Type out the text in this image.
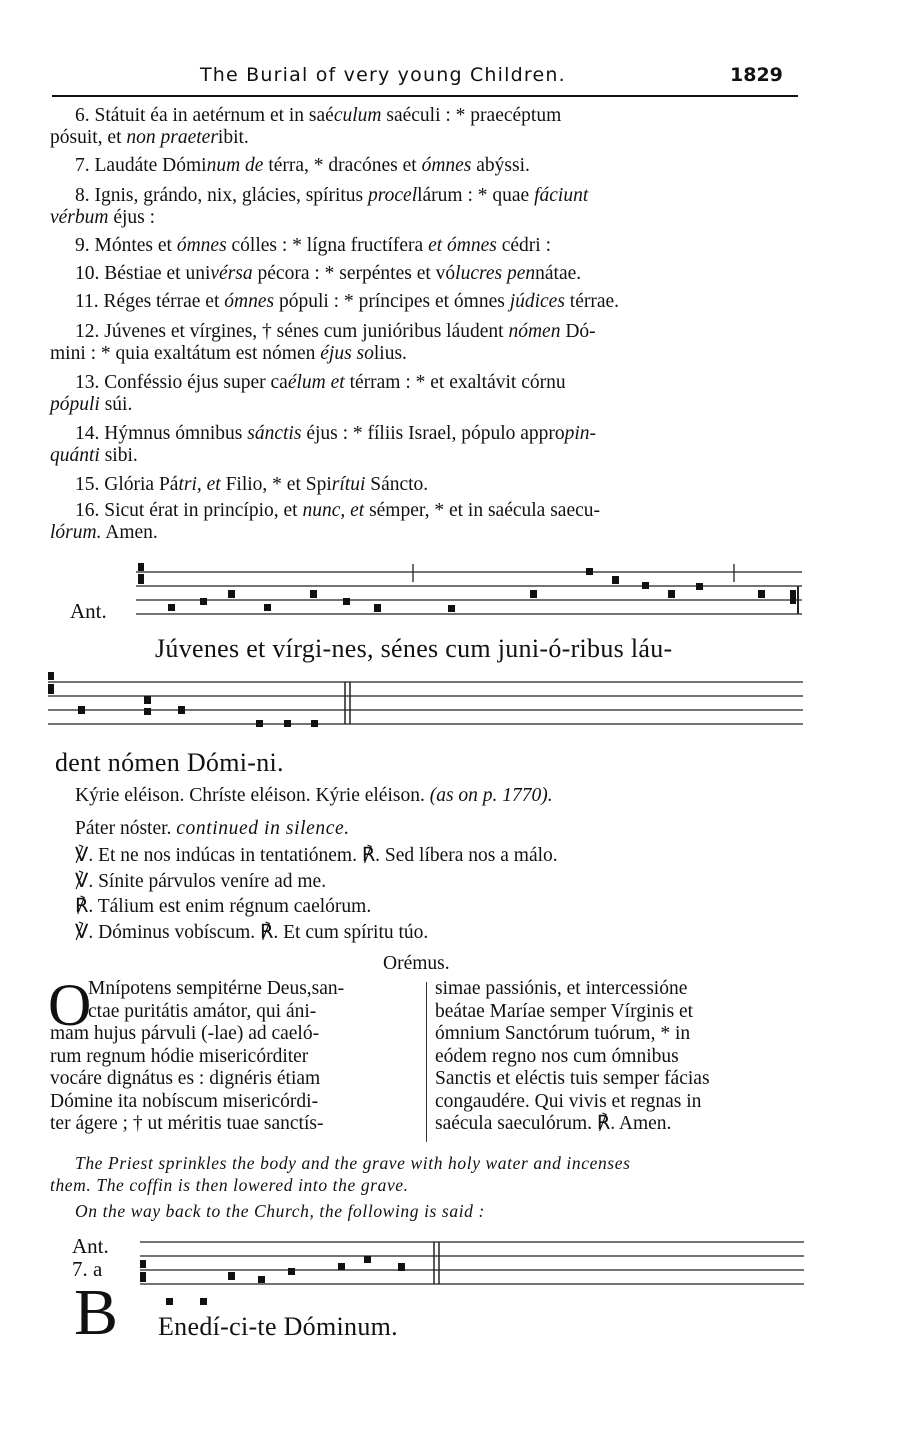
The Burial of very young Children.	1829
6. Státuit éa in aetérnum et in saéculum saéculi : * praecéptum
pósuit, et non praeteribit.
7. Laudáte Dóminum de térra, * dracónes et ómnes abýssi.
8. Ignis, grándo, nix, glácies, spíritus procellárum : * quae fáciunt
vérbum éjus :
9. Móntes et ómnes cólles : * lígna fructífera et ómnes cédri :
10. Béstiae et univérsa pécora : * serpéntes et vólucres pennátae.
11. Réges térrae et ómnes pópuli : * príncipes et ómnes júdices térrae.
12. Júvenes et vírgines, † sénes cum junióribus láudent nómen Dó-
mini : * quia exaltátum est nómen éjus solius.
13. Conféssio éjus super caélum et térram : * et exaltávit córnu
pópuli súi.
14. Hýmnus ómnibus sánctis éjus : * fíliis Israel, pópulo appropin-
quánti sibi.
15. Glória Pátri, et Filio, * et Spirítui Sáncto.
16. Sicut érat in princípio, et nunc, et sémper, * et in saécula saecu-
lórum. Amen.
Ant.
Júvenes et vírgi-nes, sénes cum juni-ó-ribus láu-
dent nómen Dómi-ni.
Kýrie eléison. Chríste eléison. Kýrie eléison. (as on p. 1770).
Páter nóster. continued in silence.
℣. Et ne nos indúcas in tentatiónem. ℟. Sed líbera nos a málo.
℣. Sínite párvulos veníre ad me.
℟. Tálium est enim régnum caelórum.
℣. Dóminus vobíscum. ℟. Et cum spíritu túo.
Orémus.
O
Mnípotens sempitérne Deus,san-
ctae puritátis amátor, qui áni-
mam hujus párvuli (-lae) ad caeló-
rum regnum hódie misericórditer
vocáre dignátus es : dignéris étiam
Dómine ita nobíscum misericórdi-
ter ágere ; † ut méritis tuae sanctís-
simae passiónis, et intercessióne
beátae Maríae semper Vírginis et
ómnium Sanctórum tuórum, * in
eódem regno nos cum ómnibus
Sanctis et eléctis tuis semper fácias
congaudére. Qui vivis et regnas in
saécula saeculórum. ℟. Amen.
The Priest sprinkles the body and the grave with holy water and incenses
them. The coffin is then lowered into the grave.
On the way back to the Church, the following is said :
Ant.
7. a
B Enedí-ci-te Dóminum.
